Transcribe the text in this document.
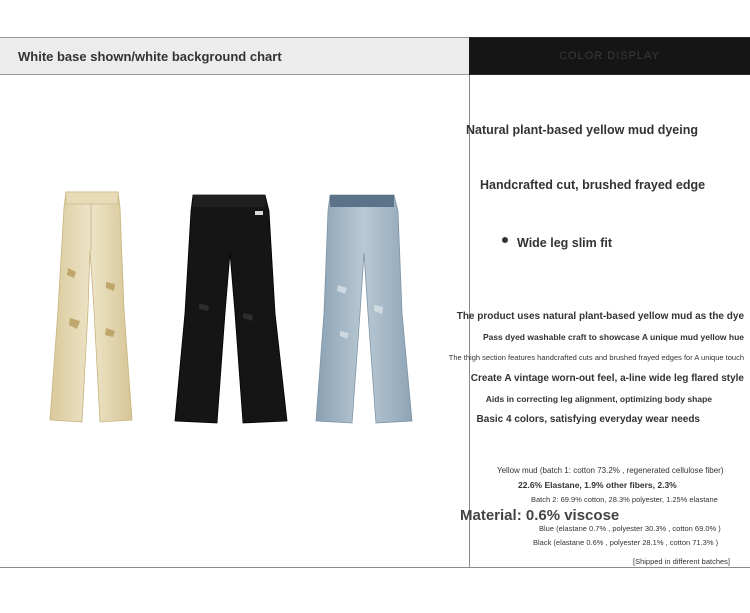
White base shown/white background chart	COLOR DISPLAY
Natural plant-based yellow mud dyeing
Handcrafted cut, brushed frayed edge
Wide leg slim fit
The product uses natural plant-based yellow mud as the dye
Pass dyed washable craft to showcase A unique mud yellow hue
The thigh section features handcrafted cuts and brushed frayed edges for A unique touch
Create A vintage worn-out feel, a-line wide leg flared style
Aids in correcting leg alignment, optimizing body shape
Basic 4 colors, satisfying everyday wear needs
Yellow mud (batch 1: cotton 73.2% , regenerated cellulose fiber)
22.6% Elastane, 1.9% other fibers, 2.3%
Batch 2: 69.9% cotton, 28.3% polyester, 1.25% elastane
Material: 0.6% viscose
Blue (elastane 0.7% , polyester 30.3% , cotton 69.0% )
Black (elastane 0.6% , polyester 28.1% , cotton 71.3% )
[Shipped in different batches]
